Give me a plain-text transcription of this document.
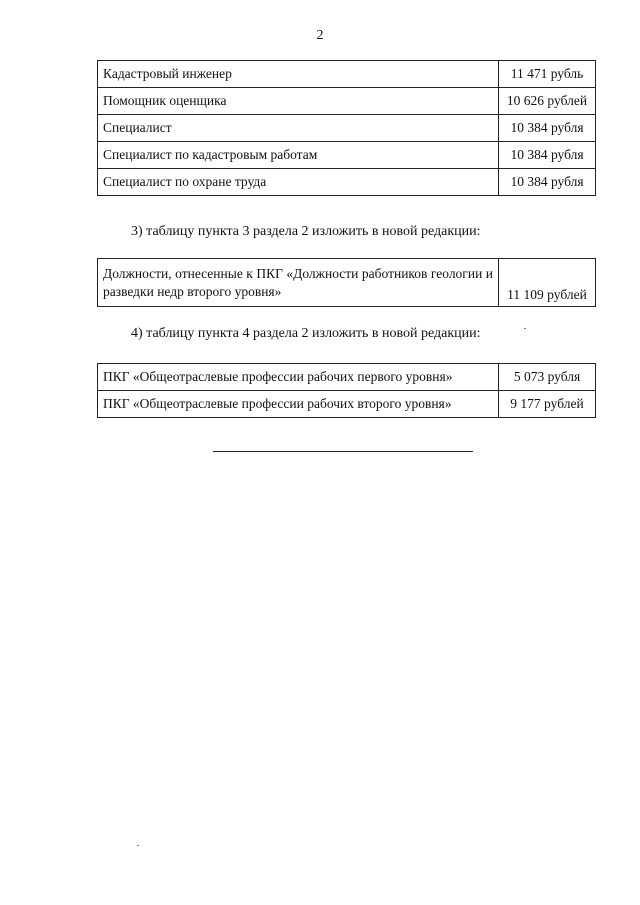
2
Кадастровый инженер	11 471 рубль
Помощник оценщика	10 626 рублей
Специалист	10 384 рубля
Специалист по кадастровым работам	10 384 рубля
Специалист по охране труда	10 384 рубля
3) таблицу пункта 3 раздела 2 изложить в новой редакции:
Должности, отнесенные к ПКГ «Должности работников геологии и разведки недр второго уровня»	11 109 рублей
4) таблицу пункта 4 раздела 2 изложить в новой редакции:
ПКГ «Общеотраслевые профессии рабочих первого уровня»	5 073 рубля
ПКГ «Общеотраслевые профессии рабочих второго уровня»	9 177 рублей
